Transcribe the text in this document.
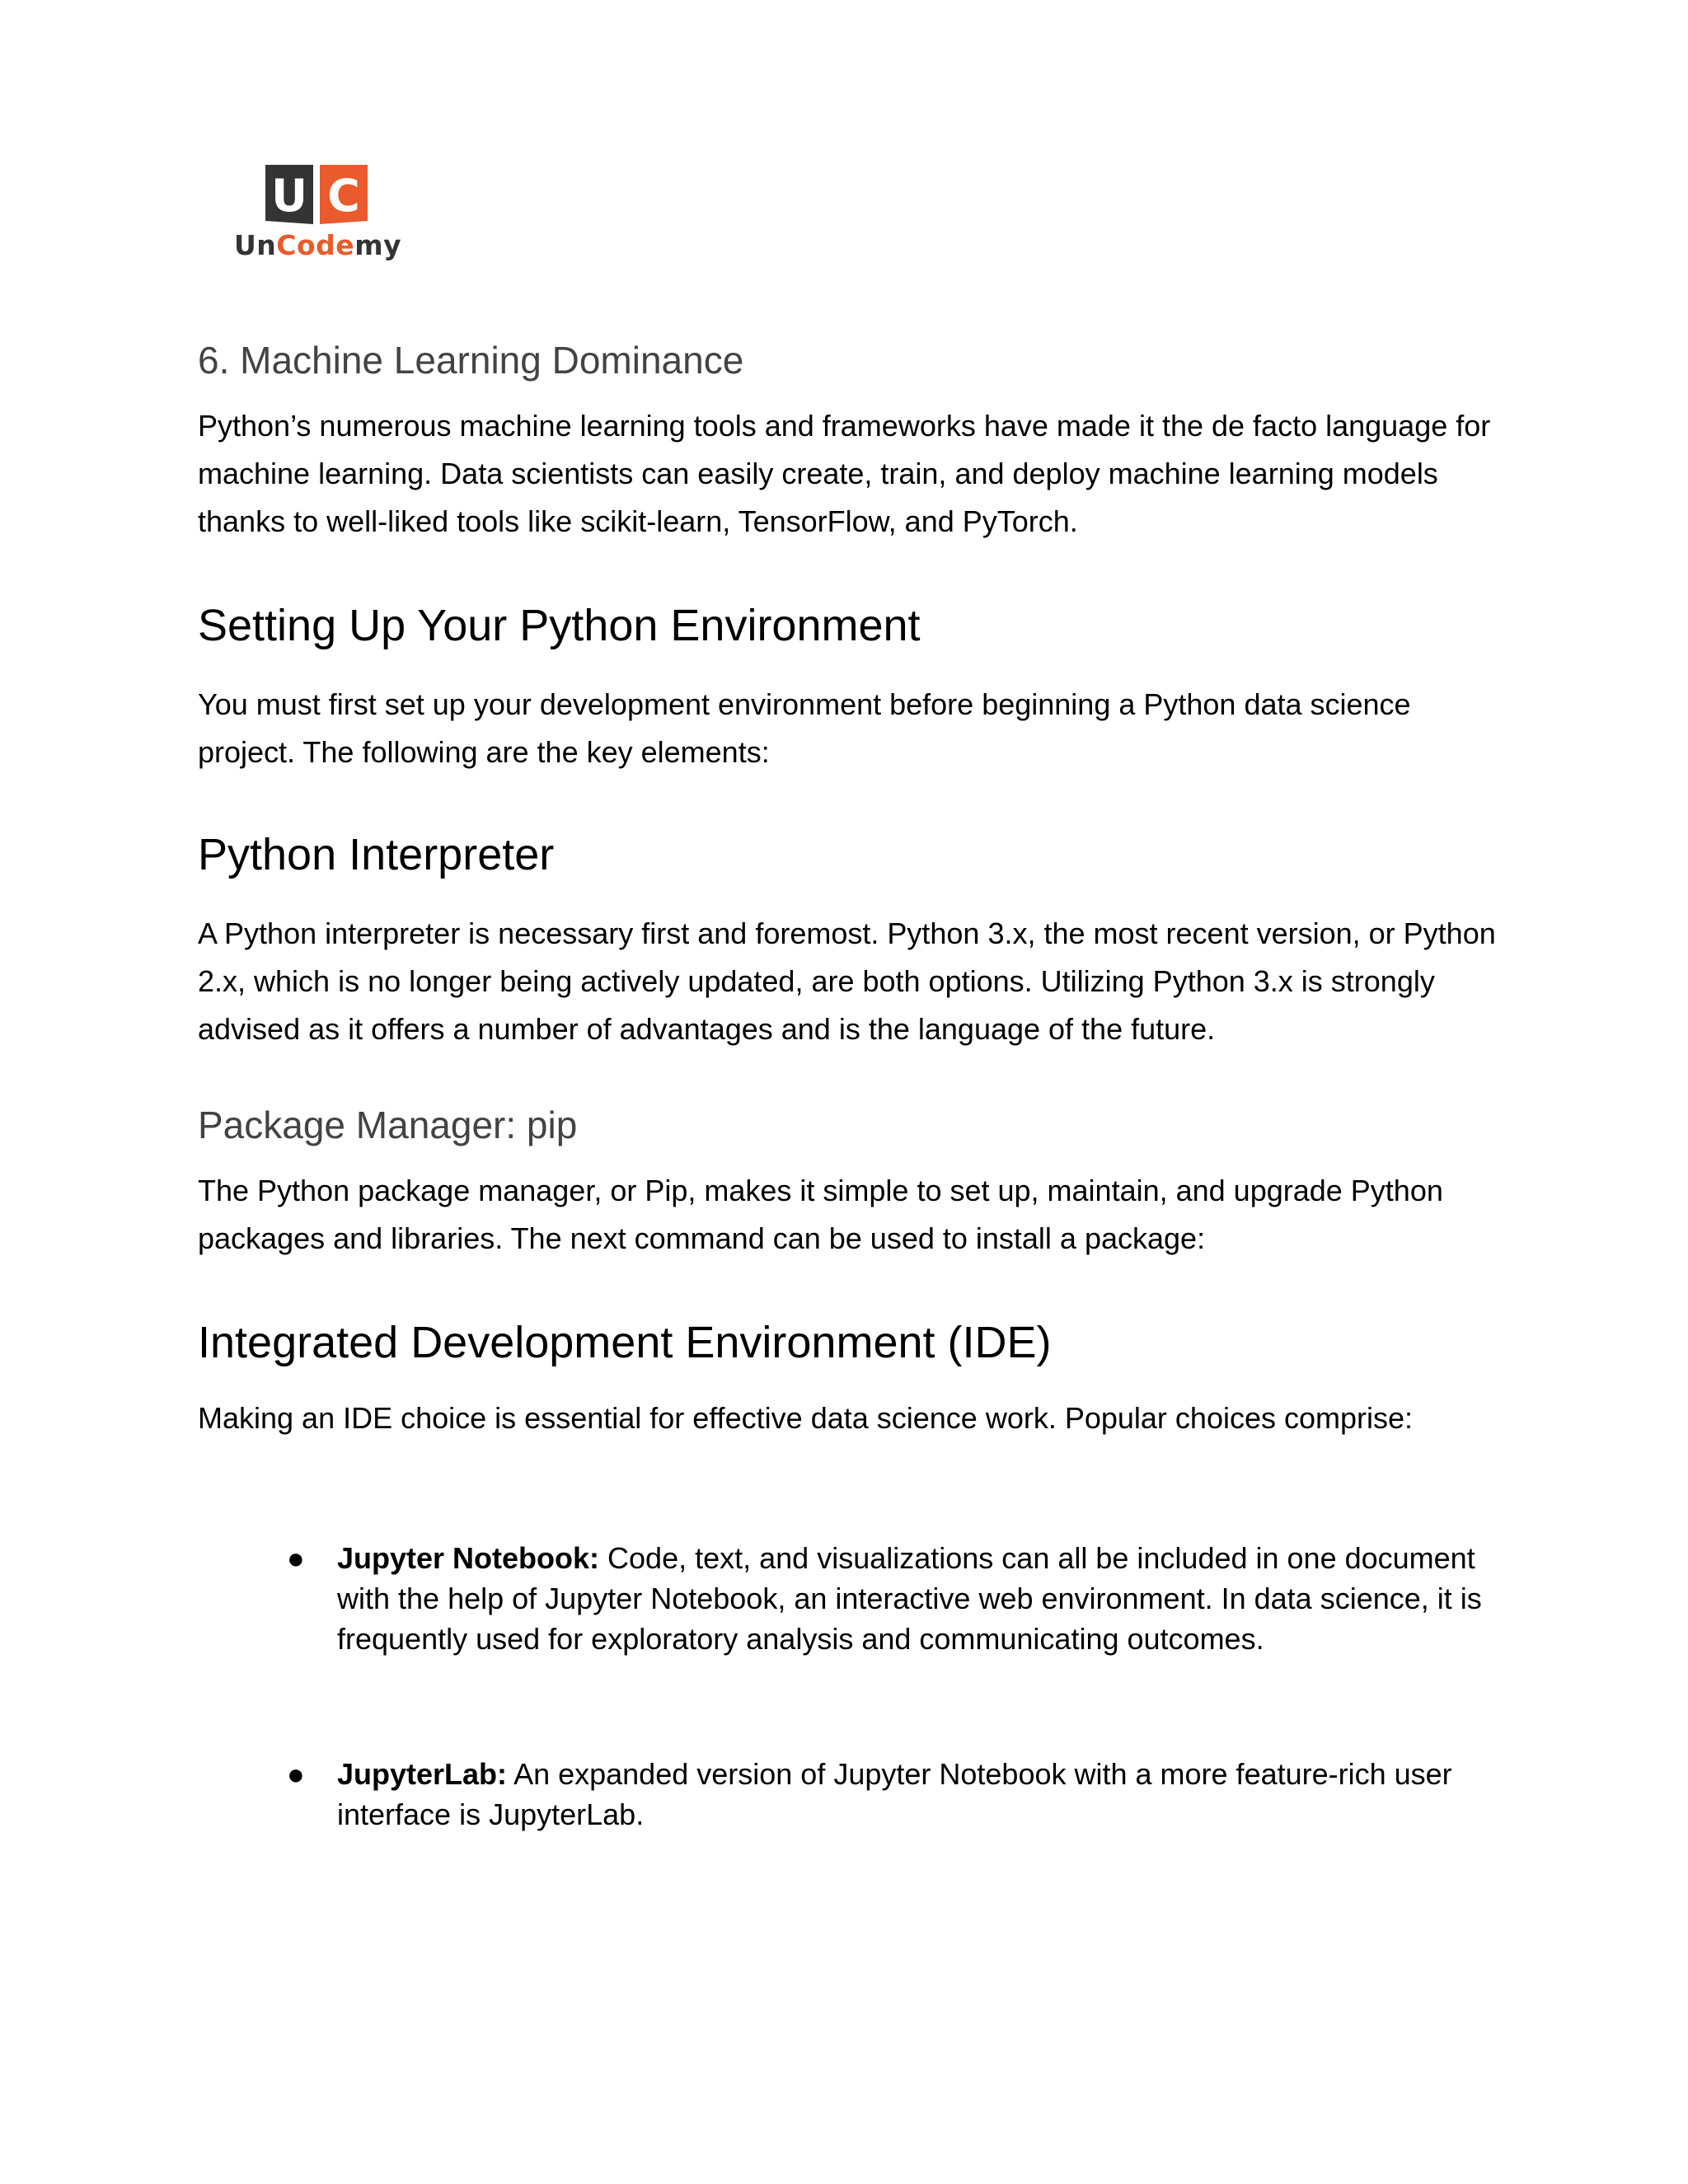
U C
UnCodemy
6. Machine Learning Dominance
Python’s numerous machine learning tools and frameworks have made it the de facto language for machine learning. Data scientists can easily create, train, and deploy machine learning models thanks to well-liked tools like scikit-learn, TensorFlow, and PyTorch.
Setting Up Your Python Environment
You must first set up your development environment before beginning a Python data science project. The following are the key elements:
Python Interpreter
A Python interpreter is necessary first and foremost. Python 3.x, the most recent version, or Python 2.x, which is no longer being actively updated, are both options. Utilizing Python 3.x is strongly advised as it offers a number of advantages and is the language of the future.
Package Manager: pip
The Python package manager, or Pip, makes it simple to set up, maintain, and upgrade Python packages and libraries. The next command can be used to install a package:
Integrated Development Environment (IDE)
Making an IDE choice is essential for effective data science work. Popular choices comprise:
● Jupyter Notebook: Code, text, and visualizations can all be included in one document with the help of Jupyter Notebook, an interactive web environment. In data science, it is frequently used for exploratory analysis and communicating outcomes.
● JupyterLab: An expanded version of Jupyter Notebook with a more feature-rich user interface is JupyterLab.
